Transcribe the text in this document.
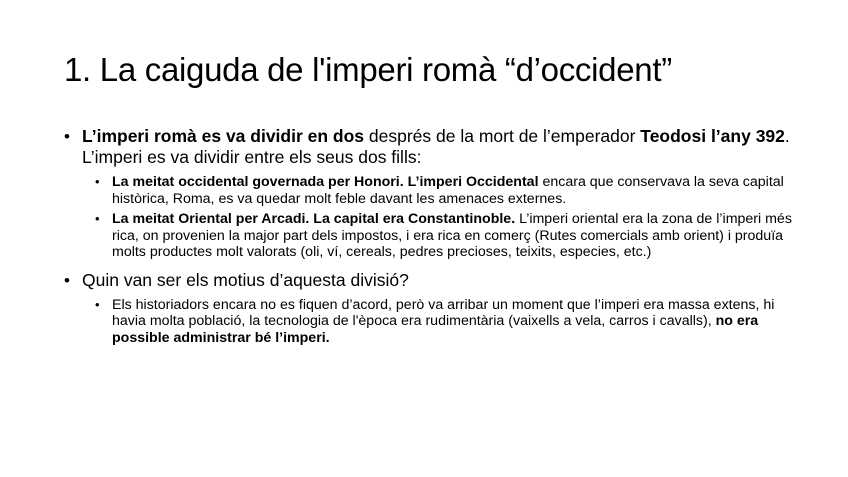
1. La caiguda de l'imperi romà “d’occident”
• L’imperi romà es va dividir en dos després de la mort de l’emperador Teodosi l’any 392. L’imperi es va dividir entre els seus dos fills:
• La meitat occidental governada per Honori. L’imperi Occidental encara que conservava la seva capital històrica, Roma, es va quedar molt feble davant les amenaces externes.
• La meitat Oriental per Arcadi. La capital era Constantinoble. L’imperi oriental era la zona de l’imperi més rica, on provenien la major part dels impostos, i era rica en comerç (Rutes comercials amb orient) i produïa molts productes molt valorats (oli, ví, cereals, pedres precioses, teixits, especies, etc.)
• Quin van ser els motius d’aquesta divisió?
• Els historiadors encara no es fiquen d’acord, però va arribar un moment que l’imperi era massa extens, hi havia molta població, la tecnologia de l'època era rudimentària (vaixells a vela, carros i cavalls), no era possible administrar bé l’imperi.
